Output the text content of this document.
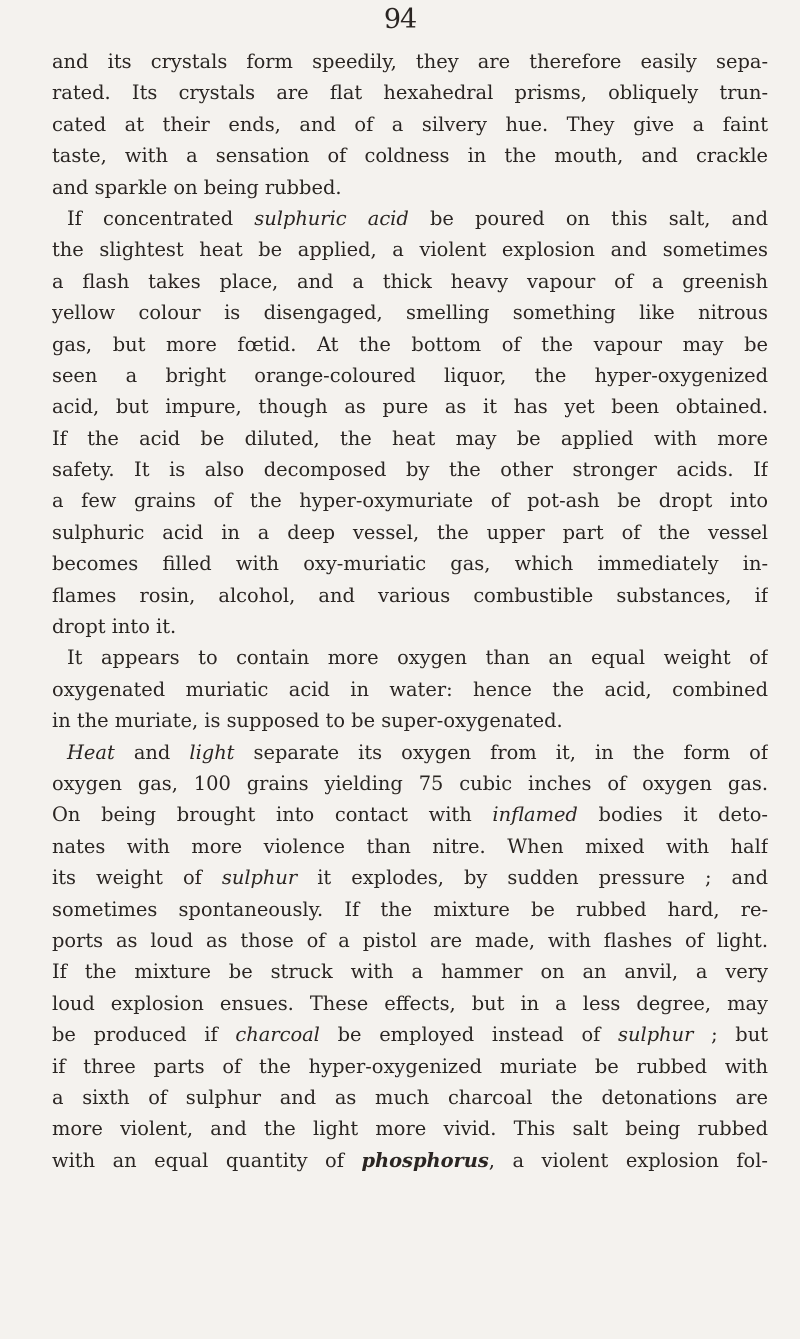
94
and its crystals form speedily, they are therefore easily sepa-
rated. Its crystals are flat hexahedral prisms, obliquely trun-
cated at their ends, and of a silvery hue. They give a faint
taste, with a sensation of coldness in the mouth, and crackle
and sparkle on being rubbed.
If concentrated sulphuric acid be poured on this salt, and
the slightest heat be applied, a violent explosion and sometimes
a flash takes place, and a thick heavy vapour of a greenish
yellow colour is disengaged, smelling something like nitrous
gas, but more fœtid. At the bottom of the vapour may be
seen a bright orange-coloured liquor, the hyper-oxygenized
acid, but impure, though as pure as it has yet been obtained.
If the acid be diluted, the heat may be applied with more
safety. It is also decomposed by the other stronger acids. If
a few grains of the hyper-oxymuriate of pot-ash be dropt into
sulphuric acid in a deep vessel, the upper part of the vessel
becomes filled with oxy-muriatic gas, which immediately in-
flames rosin, alcohol, and various combustible substances, if
dropt into it.
It appears to contain more oxygen than an equal weight of
oxygenated muriatic acid in water: hence the acid, combined
in the muriate, is supposed to be super-oxygenated.
Heat and light separate its oxygen from it, in the form of
oxygen gas, 100 grains yielding 75 cubic inches of oxygen gas.
On being brought into contact with inflamed bodies it deto-
nates with more violence than nitre. When mixed with half
its weight of sulphur it explodes, by sudden pressure ; and
sometimes spontaneously. If the mixture be rubbed hard, re-
ports as loud as those of a pistol are made, with flashes of light.
If the mixture be struck with a hammer on an anvil, a very
loud explosion ensues. These effects, but in a less degree, may
be produced if charcoal be employed instead of sulphur ; but
if three parts of the hyper-oxygenized muriate be rubbed with
a sixth of sulphur and as much charcoal the detonations are
more violent, and the light more vivid. This salt being rubbed
with an equal quantity of phosphorus, a violent explosion fol-
